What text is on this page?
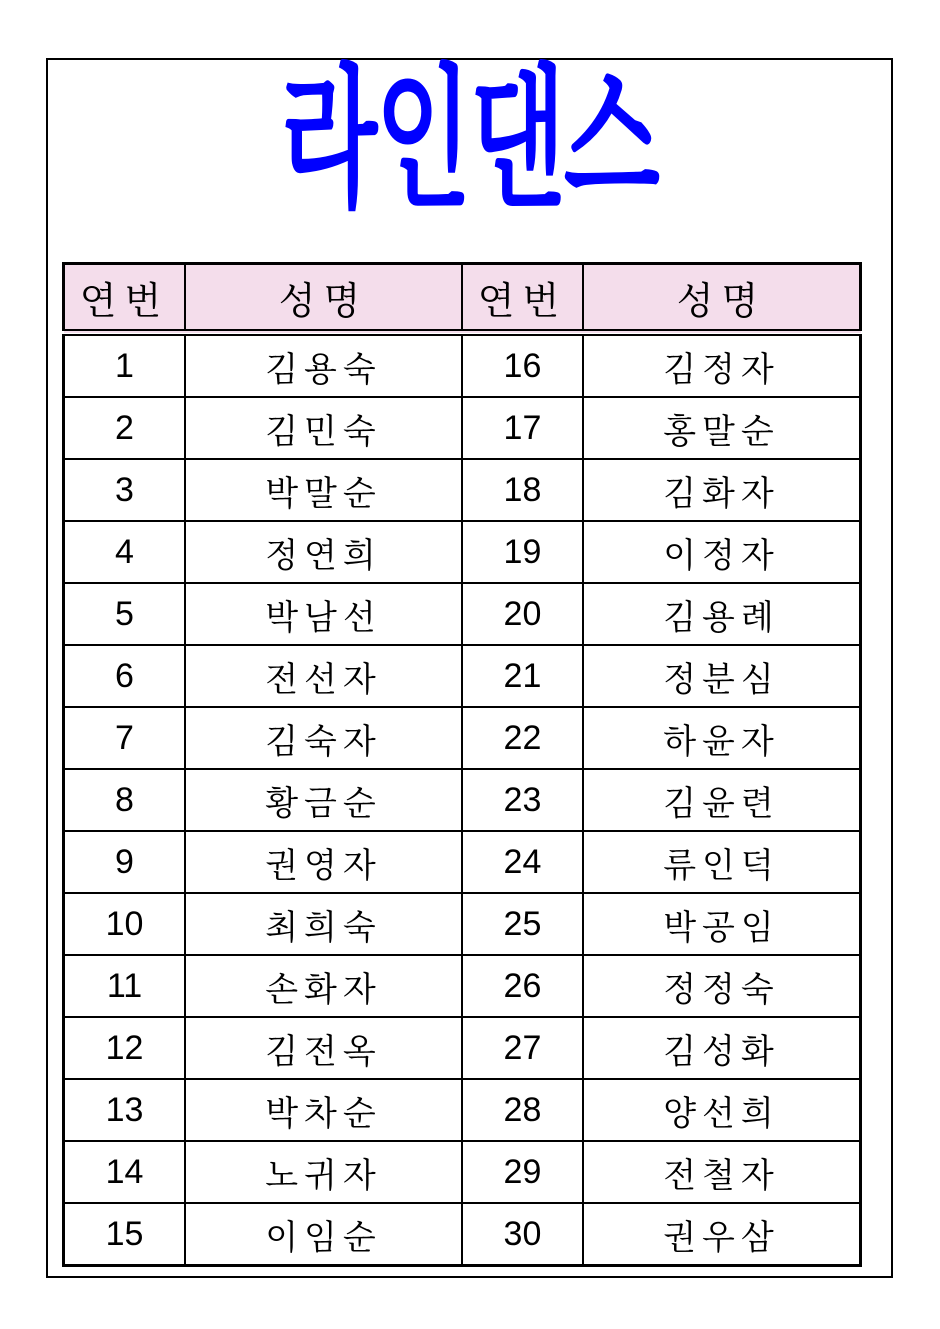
라인댄스
연번	성명	연번	성명
1	김용숙	16	김정자
2	김민숙	17	홍말순
3	박말순	18	김화자
4	정연희	19	이정자
5	박남선	20	김용례
6	전선자	21	정분심
7	김숙자	22	하윤자
8	황금순	23	김윤련
9	권영자	24	류인덕
10	최희숙	25	박공임
11	손화자	26	정정숙
12	김전옥	27	김성화
13	박차순	28	양선희
14	노귀자	29	전철자
15	이임순	30	권우삼
